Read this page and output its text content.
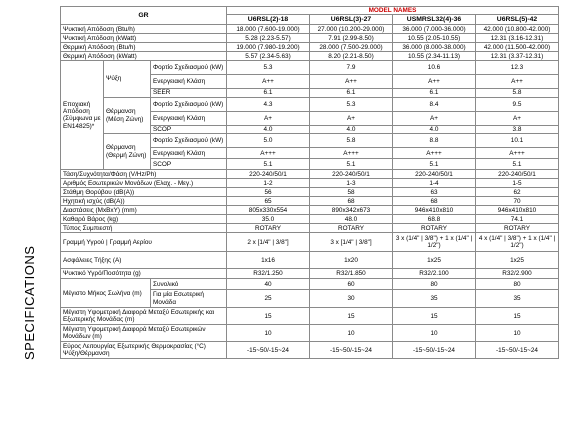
SPECIFICATIONS
GR			MODEL NAMES			
			U6RSL(2)-18	U6RSL(3)-27	USMRSL32(4)-36	U6RSL(5)-42
Ψυκτική Απόδοση (Btu/h)			18.000 (7.600-19.000)	27.000 (10.200-29.000)	36.000 (7.000-36.000)	42.000 (10.800-42.000)
Ψυκτική Απόδοση (kWatt)			5.28 (2.23-5.57)	7.91 (2.99-8.50)	10.55 (2.05-10.55)	12.31 (3.16-12.31)
Θερμική Απόδοση (Btu/h)			19.000 (7.980-19.200)	28.000 (7.500-29.000)	36.000 (8.000-38.000)	42.000 (11.500-42.000)
Θερμική Απόδοση (kWatt)			5.57 (2.34-5.63)	8.20 (2.21-8.50)	10.55 (2.34-11.13)	12.31 (3.37-12.31)
Εποχιακή Απόδοση (Σύμφωνα με EN14825)*	Ψύξη	Φορτίο Σχεδιασμού (kW)	5.3	7.9	10.6	12.3
		Ενεργειακή Κλάση	A++	A++	A++	A++
		SEER	6.1	6.1	6.1	5.8
	Θέρμανση (Μέση Ζώνη)	Φορτίο Σχεδιασμού (kW)	4.3	5.3	8.4	9.5
		Ενεργειακή Κλάση	A+	A+	A+	A+
		SCOP	4.0	4.0	4.0	3.8
	Θέρμανση (Θερμή Ζώνη)	Φορτίο Σχεδιασμού (kW)	5.0	5.8	8.8	10.1
		Ενεργειακή Κλάση	A+++	A+++	A+++	A+++
		SCOP	5.1	5.1	5.1	5.1
Τάση/Συχνότητα/Φάση (V/Hz/Ph)			220-240/50/1	220-240/50/1	220-240/50/1	220-240/50/1
Αριθμός Εσωτερικών Μονάδων (Ελαχ. - Μεγ.)			1-2	1-3	1-4	1-5
Στάθμη Θορύβου (dB(A))			56	58	63	62
Ηχητική ισχύς (dB(A))			65	68	68	70
Διαστάσεις (ΜxΒxΥ) (mm)			805x330x554	890x342x673	946x410x810	946x410x810
Καθαρό Βάρος (kg)			35.0	48.0	68.8	74.1
Τύπος Συμπιεστή			ROTARY	ROTARY	ROTARY	ROTARY
Γραμμή Υγρού | Γραμμή Αερίου			2 x [1/4" | 3/8"]	3 x [1/4" | 3/8"]	3 x (1/4" | 3/8") + 1 x (1/4" | 1/2")	4 x (1/4" | 3/8") + 1 x (1/4" | 1/2")
Ασφάλειες Τήξης (A)			1x16	1x20	1x25	1x25
Ψυκτικό Υγρό/Ποσότητα (g)			R32/1.250	R32/1.850	R32/2.100	R32/2.900
Μέγιστο Μήκος Σωλήνα (m)		Συνολικό	40	60	80	80
		Για μία Εσωτερική Μονάδα	25	30	35	35
Μέγιστη Υψομετρική Διαφορά Μεταξύ Εσωτερικής και Εξωτερικής Μονάδας (m)			15	15	15	15
Μέγιστη Υψομετρική Διαφορά Μεταξύ Εσωτερικών Μονάδων (m)			10	10	10	10
Εύρος Λειτουργίας Εξωτερικής Θερμοκρασίας (°C) Ψύξη/Θέρμανση			-15~50/-15~24	-15~50/-15~24	-15~50/-15~24	-15~50/-15~24
